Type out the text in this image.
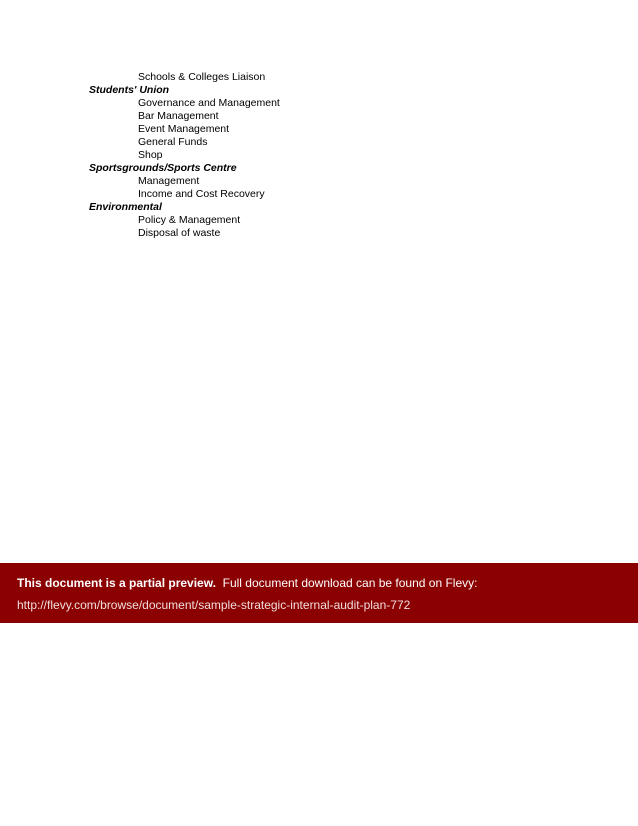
Schools & Colleges Liaison
Students' Union
Governance and Management
Bar Management
Event Management
General Funds
Shop
Sportsgrounds/Sports Centre
Management
Income and Cost Recovery
Environmental
Policy & Management
Disposal of waste
This document is a partial preview. Full document download can be found on Flevy:
http://flevy.com/browse/document/sample-strategic-internal-audit-plan-772
